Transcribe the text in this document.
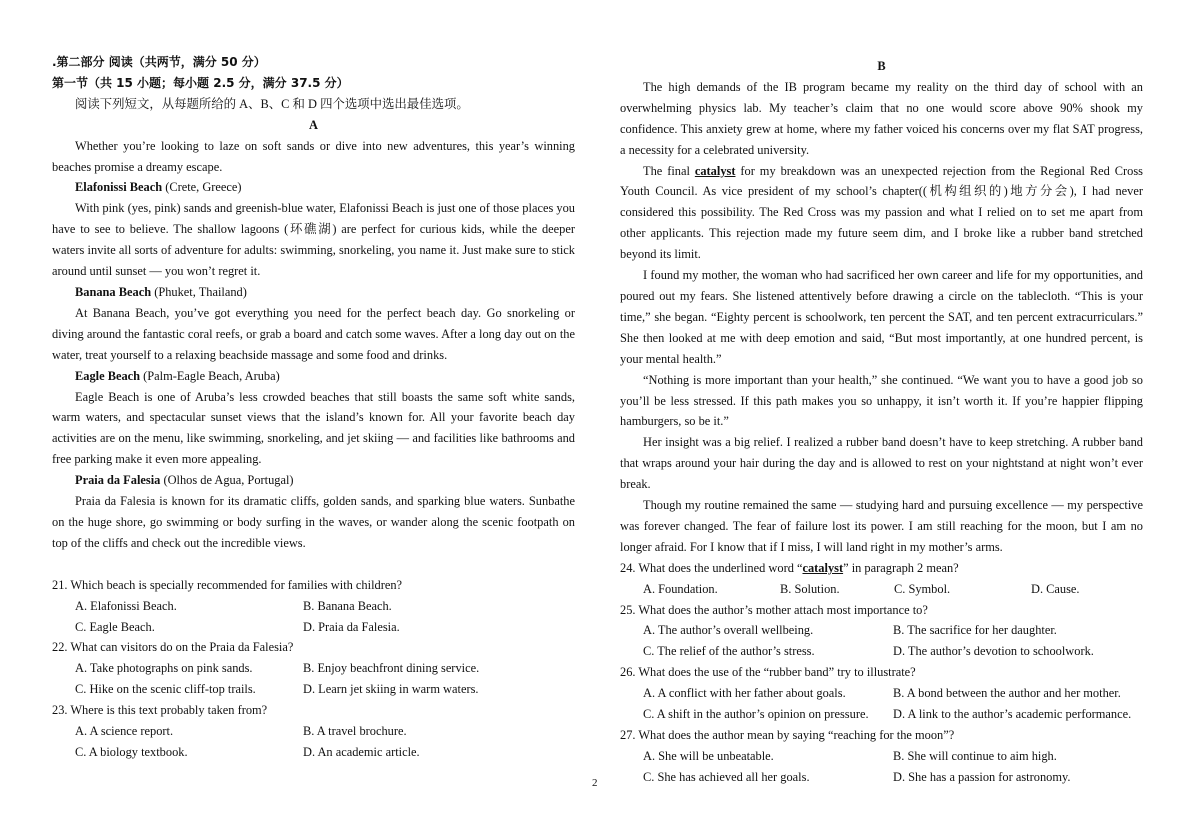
.第二部分 阅读（共两节，满分 50 分）
第一节（共 15 小题；每小题 2.5 分，满分 37.5 分）
阅读下列短文，从每题所给的 A、B、C 和 D 四个选项中选出最佳选项。
A

Whether you’re looking to laze on soft sands or dive into new adventures, this year’s winning beaches promise a dreamy escape.

Elafonissi Beach (Crete, Greece)

With pink (yes, pink) sands and greenish-blue water, Elafonissi Beach is just one of those places you have to see to believe. The shallow lagoons (环礁湖) are perfect for curious kids, while the deeper waters invite all sorts of adventure for adults: swimming, snorkeling, you name it. Just make sure to stick around until sunset — you won’t regret it.

Banana Beach (Phuket, Thailand)

At Banana Beach, you’ve got everything you need for the perfect beach day. Go snorkeling or diving around the fantastic coral reefs, or grab a board and catch some waves. After a long day out on the water, treat yourself to a relaxing beachside massage and some food and drinks.

Eagle Beach (Palm-Eagle Beach, Aruba)

Eagle Beach is one of Aruba’s less crowded beaches that still boasts the same soft white sands, warm waters, and spectacular sunset views that the island’s known for. All your favorite beach day activities are on the menu, like swimming, snorkeling, and jet skiing — and facilities like bathrooms and free parking make it even more appealing.

Praia da Falesia (Olhos de Agua, Portugal)

Praia da Falesia is known for its dramatic cliffs, golden sands, and sparking blue waters. Sunbathe on the huge shore, go swimming or body surfing in the waves, or wander along the scenic footpath on top of the cliffs and check out the incredible views.

21. Which beach is specially recommended for families with children?
A. Elafonissi Beach.	B. Banana Beach.
C. Eagle Beach.	D. Praia da Falesia.
22. What can visitors do on the Praia da Falesia?
A. Take photographs on pink sands.	B. Enjoy beachfront dining service.
C. Hike on the scenic cliff-top trails.	D. Learn jet skiing in warm waters.
23. Where is this text probably taken from?
A. A science report.	B. A travel brochure.
C. A biology textbook.	D. An academic article.
B

The high demands of the IB program became my reality on the third day of school with an overwhelming physics lab. My teacher’s claim that no one would score above 90% shook my confidence. This anxiety grew at home, where my father voiced his concerns over my flat SAT progress, a necessity for a celebrated university.

The final catalyst for my breakdown was an unexpected rejection from the Regional Red Cross Youth Council. As vice president of my school’s chapter((机构组织的)地方分会), I had never considered this possibility. The Red Cross was my passion and what I relied on to set me apart from other applicants. This rejection made my future seem dim, and I broke like a rubber band stretched beyond its limit.

I found my mother, the woman who had sacrificed her own career and life for my opportunities, and poured out my fears. She listened attentively before drawing a circle on the tablecloth. “This is your time,” she began. “Eighty percent is schoolwork, ten percent the SAT, and ten percent extracurriculars.” She then looked at me with deep emotion and said, “But most importantly, at one hundred percent, is your mental health.”

“Nothing is more important than your health,” she continued. “We want you to have a good job so you’ll be less stressed. If this path makes you so unhappy, it isn’t worth it. If you’re happier flipping hamburgers, so be it.”

Her insight was a big relief. I realized a rubber band doesn’t have to keep stretching. A rubber band that wraps around your hair during the day and is allowed to rest on your nightstand at night won’t ever break.

Though my routine remained the same — studying hard and pursuing excellence — my perspective was forever changed. The fear of failure lost its power. I am still reaching for the moon, but I am no longer afraid. For I know that if I miss, I will land right in my mother’s arms.

24. What does the underlined word “catalyst” in paragraph 2 mean?
A. Foundation.	B. Solution.	C. Symbol.	D. Cause.
25. What does the author’s mother attach most importance to?
A. The author’s overall wellbeing.	B. The sacrifice for her daughter.
C. The relief of the author’s stress.	D. The author’s devotion to schoolwork.
26. What does the use of the “rubber band” try to illustrate?
A. A conflict with her father about goals.	B. A bond between the author and her mother.
C. A shift in the author’s opinion on pressure.	D. A link to the author’s academic performance.
27. What does the author mean by saying “reaching for the moon”?
A. She will be unbeatable.	B. She will continue to aim high.
C. She has achieved all her goals.	D. She has a passion for astronomy.
2
